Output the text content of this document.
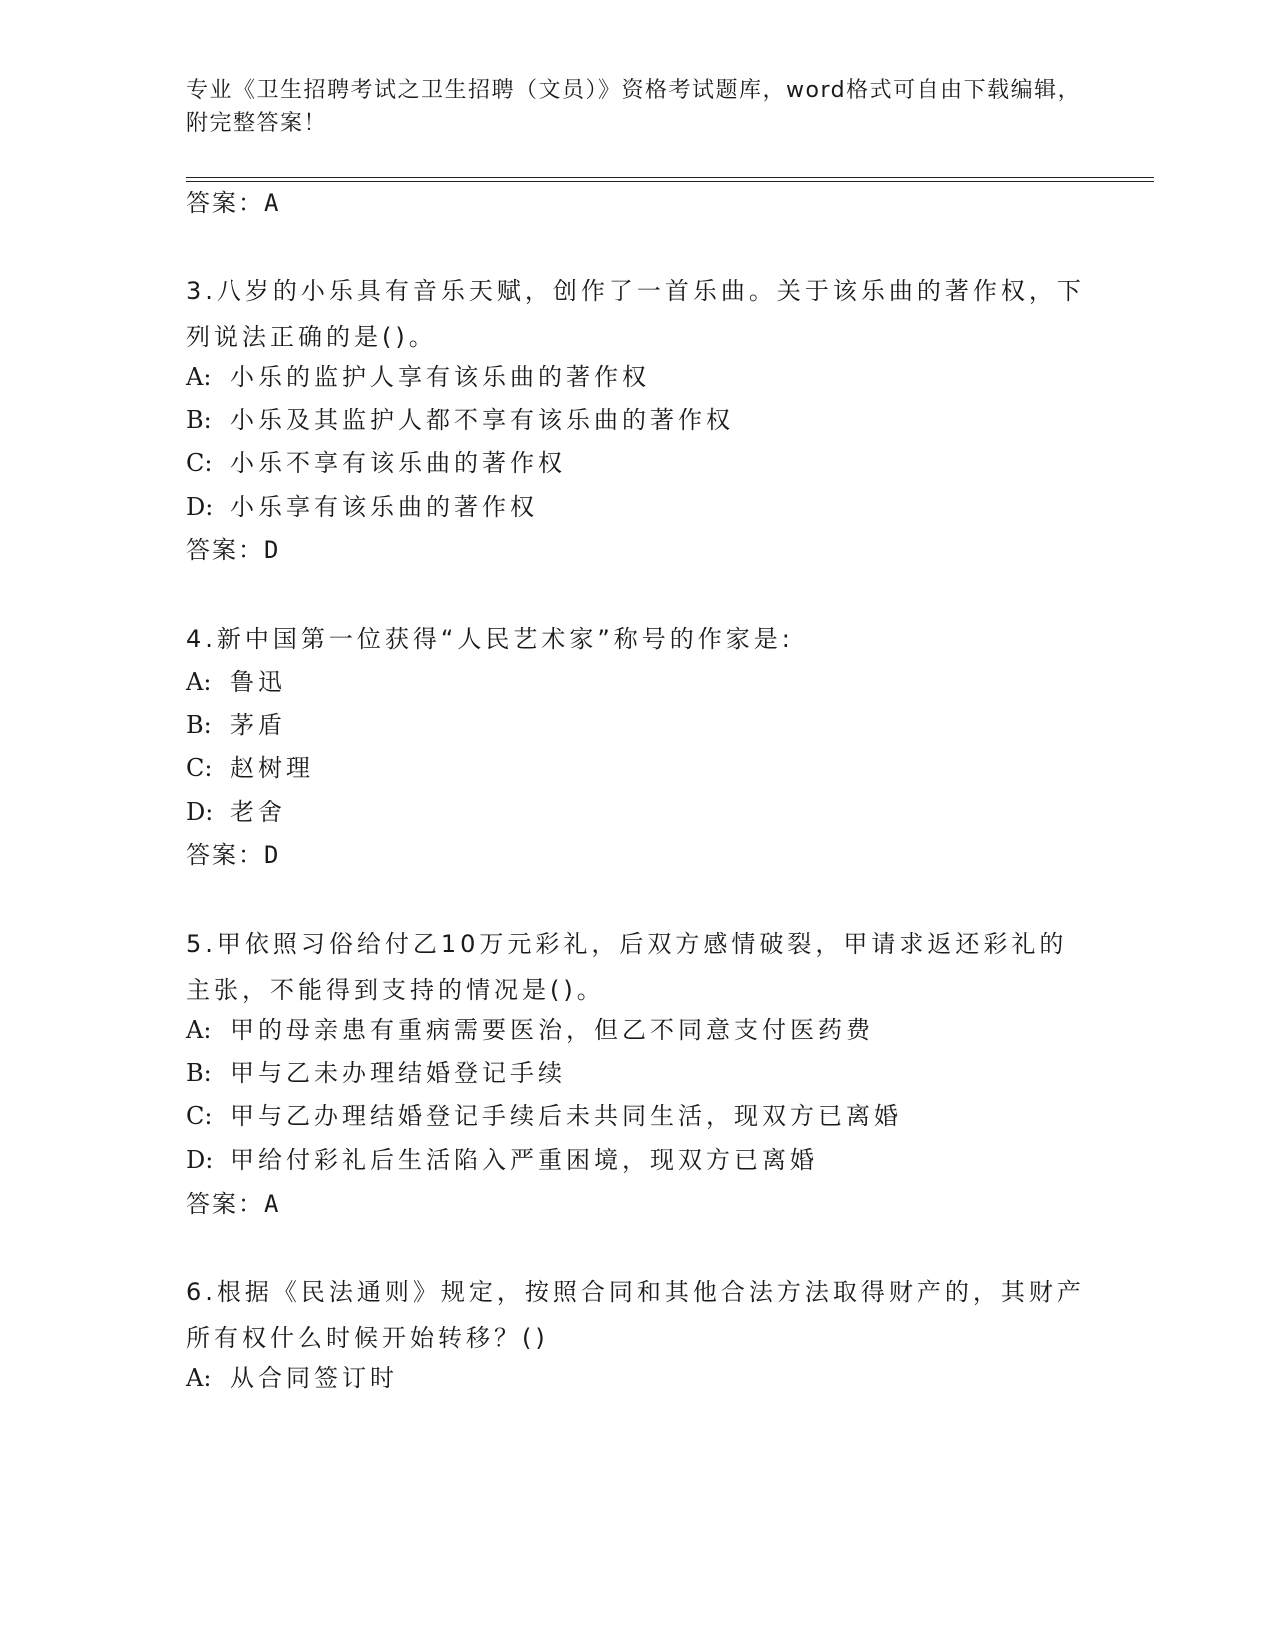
专业《卫生招聘考试之卫生招聘（文员）》资格考试题库，word格式可自由下载编辑，附完整答案！
答案：A
3.八岁的小乐具有音乐天赋，创作了一首乐曲。关于该乐曲的著作权，下列说法正确的是()。
A: 小乐的监护人享有该乐曲的著作权
B: 小乐及其监护人都不享有该乐曲的著作权
C: 小乐不享有该乐曲的著作权
D: 小乐享有该乐曲的著作权
答案：D
4.新中国第一位获得“人民艺术家”称号的作家是:
A: 鲁迅
B: 茅盾
C: 赵树理
D: 老舍
答案：D
5.甲依照习俗给付乙10万元彩礼，后双方感情破裂，甲请求返还彩礼的主张，不能得到支持的情况是()。
A: 甲的母亲患有重病需要医治，但乙不同意支付医药费
B: 甲与乙未办理结婚登记手续
C: 甲与乙办理结婚登记手续后未共同生活，现双方已离婚
D: 甲给付彩礼后生活陷入严重困境，现双方已离婚
答案：A
6.根据《民法通则》规定，按照合同和其他合法方法取得财产的，其财产所有权什么时候开始转移？()
A: 从合同签订时
